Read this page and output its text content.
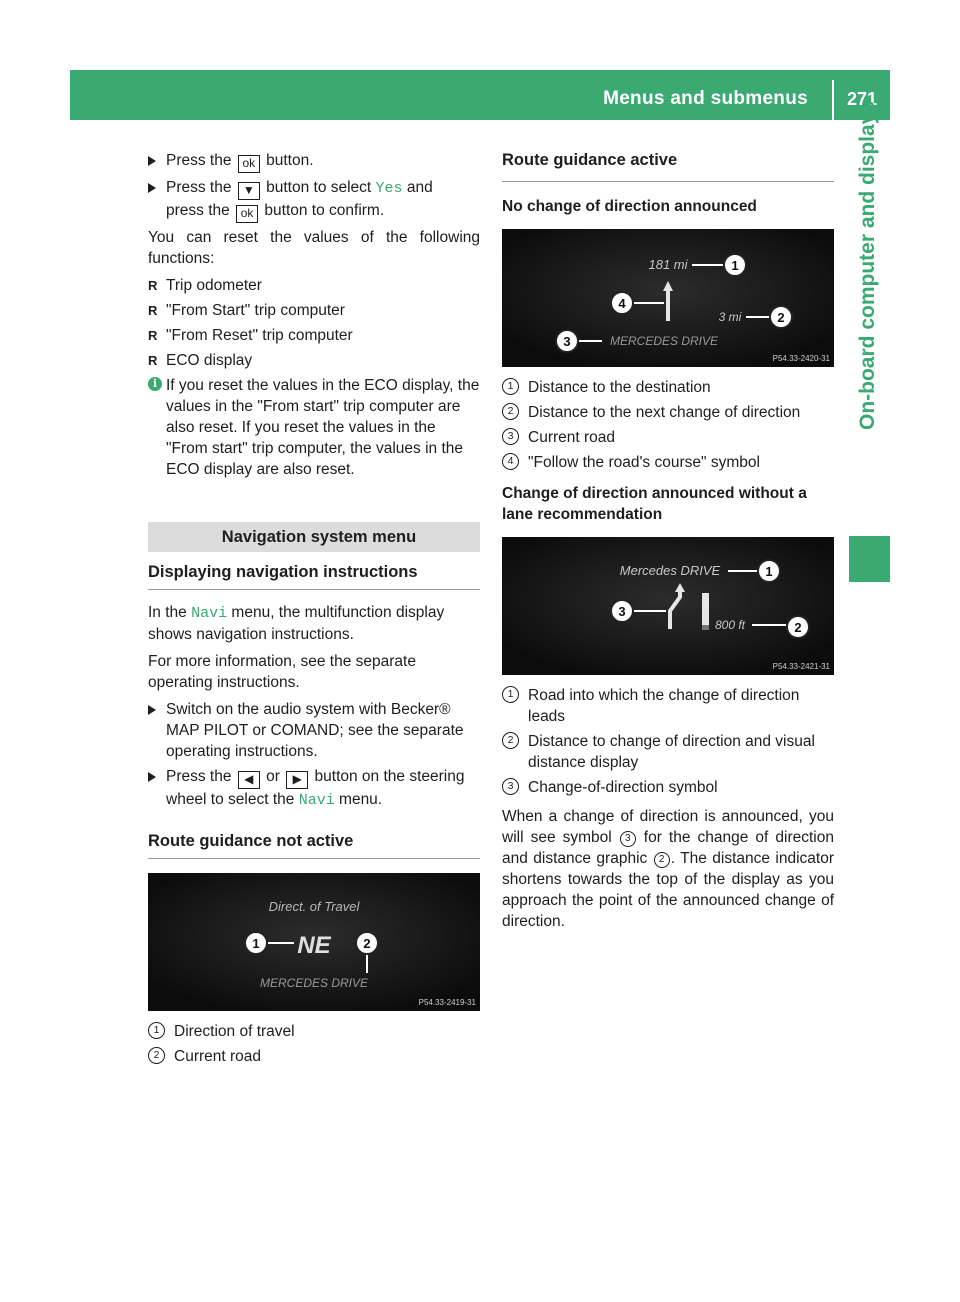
Menus and submenus	271
On-board computer and displays
Press the ok button.
Press the ▼ button to select Yes and
press the ok button to confirm.

You can reset the values of the following functions:

R Trip odometer
R "From Start" trip computer
R "From Reset" trip computer
R ECO display
i If you reset the values in the ECO display, the values in the "From start" trip computer are also reset. If you reset the values in the "From start" trip computer, the values in the ECO display are also reset.
Navigation system menu
Displaying navigation instructions

In the Navi menu, the multifunction display shows navigation instructions.

For more information, see the separate operating instructions.

Switch on the audio system with Becker® MAP PILOT or COMAND; see the separate operating instructions.
Press the ◀ or ▶ button on the steering wheel to select the Navi menu.
Route guidance not active
Direct. of Travel
NE
MERCEDES DRIVE
1	2
P54.33-2419-31
1 Direction of travel
2 Current road
Route guidance active
No change of direction announced
181 mi	1
4
3 mi	2
MERCEDES DRIVE
3
P54.33-2420-31
1 Distance to the destination
2 Distance to the next change of direction
3 Current road
4 "Follow the road's course" symbol
Change of direction announced without a lane recommendation
Mercedes DRIVE	1
3
800 ft	2
P54.33-2421-31
1 Road into which the change of direction leads
2 Distance to change of direction and visual distance display
3 Change-of-direction symbol

When a change of direction is announced, you will see symbol 3 for the change of direction and distance graphic 2 . The distance indicator shortens towards the top of the display as you approach the point of the announced change of direction.
